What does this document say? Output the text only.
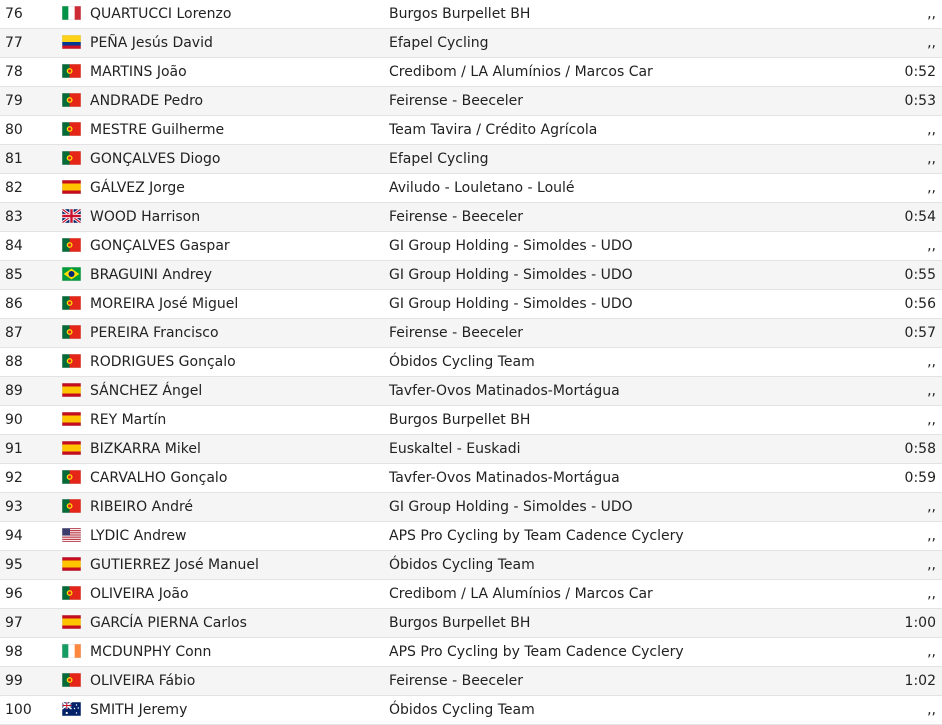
76	QUARTUCCI Lorenzo	Burgos Burpellet BH	,,
77	PEÑA Jesús David	Efapel Cycling	,,
78	MARTINS João	Credibom / LA Alumínios / Marcos Car	0:52
79	ANDRADE Pedro	Feirense - Beeceler	0:53
80	MESTRE Guilherme	Team Tavira / Crédito Agrícola	,,
81	GONÇALVES Diogo	Efapel Cycling	,,
82	GÁLVEZ Jorge	Aviludo - Louletano - Loulé	,,
83	WOOD Harrison	Feirense - Beeceler	0:54
84	GONÇALVES Gaspar	GI Group Holding - Simoldes - UDO	,,
85	BRAGUINI Andrey	GI Group Holding - Simoldes - UDO	0:55
86	MOREIRA José Miguel	GI Group Holding - Simoldes - UDO	0:56
87	PEREIRA Francisco	Feirense - Beeceler	0:57
88	RODRIGUES Gonçalo	Óbidos Cycling Team	,,
89	SÁNCHEZ Ángel	Tavfer-Ovos Matinados-Mortágua	,,
90	REY Martín	Burgos Burpellet BH	,,
91	BIZKARRA Mikel	Euskaltel - Euskadi	0:58
92	CARVALHO Gonçalo	Tavfer-Ovos Matinados-Mortágua	0:59
93	RIBEIRO André	GI Group Holding - Simoldes - UDO	,,
94	LYDIC Andrew	APS Pro Cycling by Team Cadence Cyclery	,,
95	GUTIERREZ José Manuel	Óbidos Cycling Team	,,
96	OLIVEIRA João	Credibom / LA Alumínios / Marcos Car	,,
97	GARCÍA PIERNA Carlos	Burgos Burpellet BH	1:00
98	MCDUNPHY Conn	APS Pro Cycling by Team Cadence Cyclery	,,
99	OLIVEIRA Fábio	Feirense - Beeceler	1:02
100	SMITH Jeremy	Óbidos Cycling Team	,,
